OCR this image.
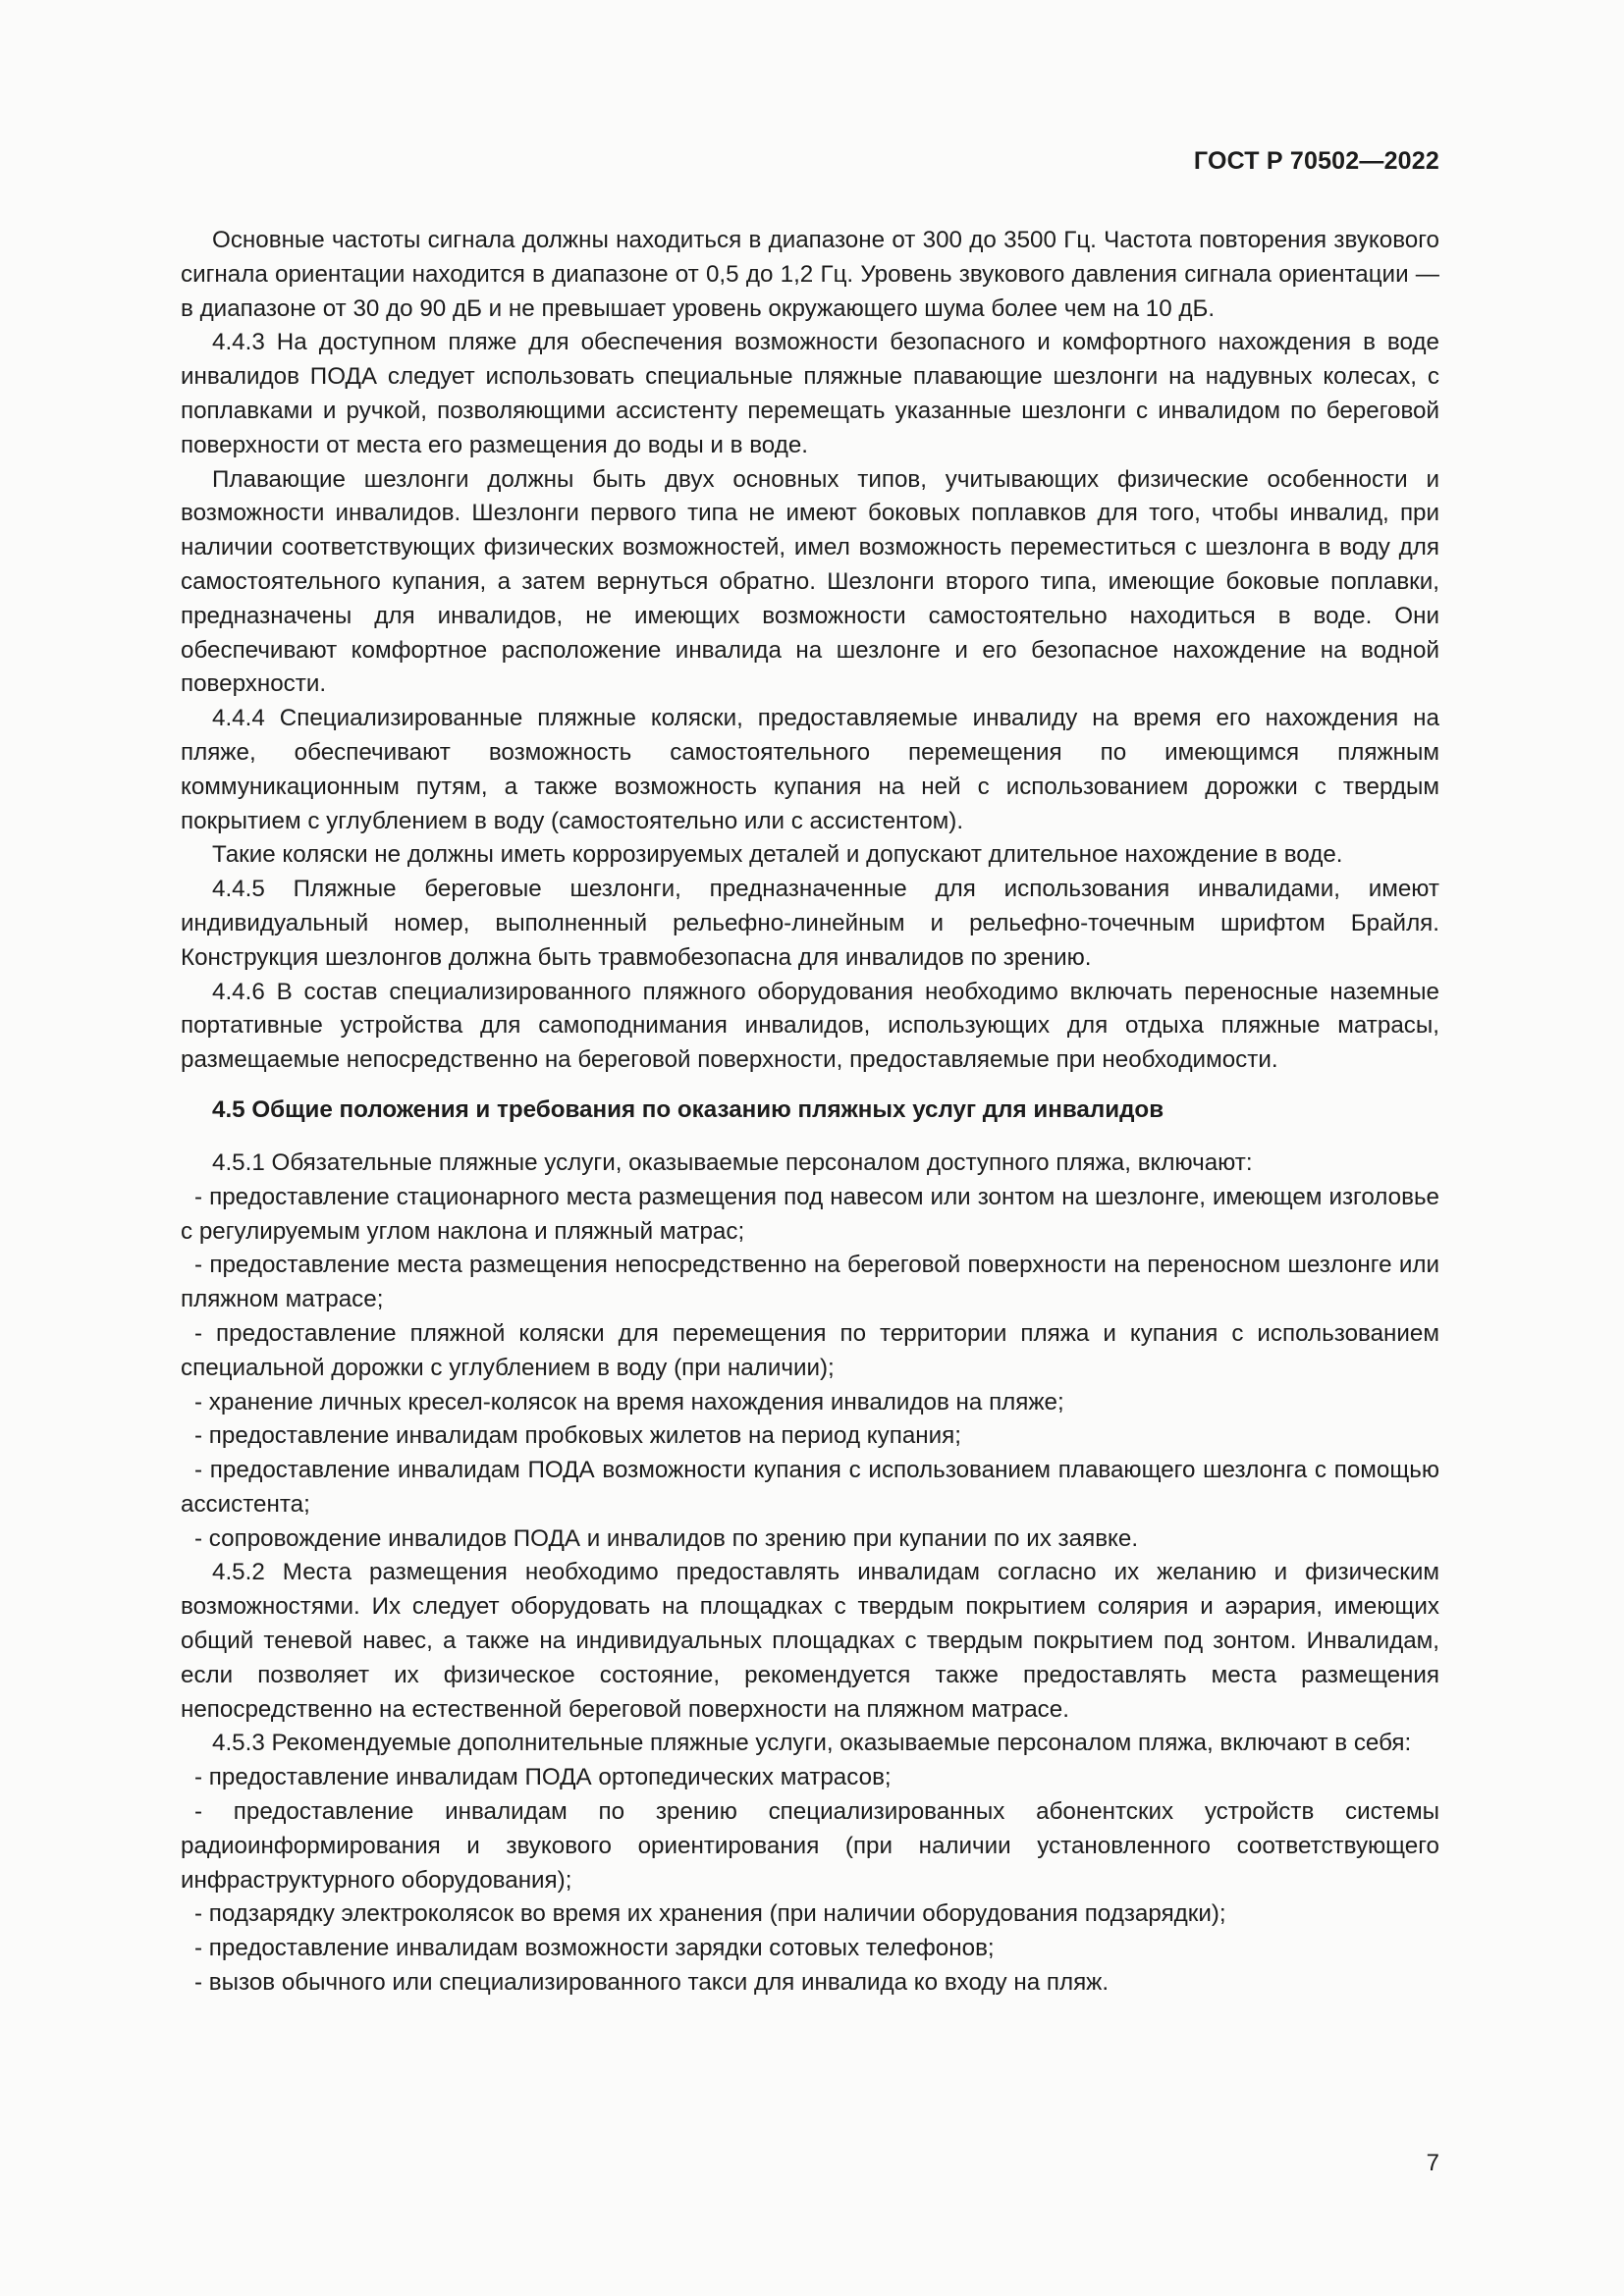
ГОСТ Р 70502—2022

Основные частоты сигнала должны находиться в диапазоне от 300 до 3500 Гц. Частота повторения звукового сигнала ориентации находится в диапазоне от 0,5 до 1,2 Гц. Уровень звукового давления сигнала ориентации — в диапазоне от 30 до 90 дБ и не превышает уровень окружающего шума более чем на 10 дБ.

4.4.3 На доступном пляже для обеспечения возможности безопасного и комфортного нахождения в воде инвалидов ПОДА следует использовать специальные пляжные плавающие шезлонги на надувных колесах, с поплавками и ручкой, позволяющими ассистенту перемещать указанные шезлонги с инвалидом по береговой поверхности от места его размещения до воды и в воде.

Плавающие шезлонги должны быть двух основных типов, учитывающих физические особенности и возможности инвалидов. Шезлонги первого типа не имеют боковых поплавков для того, чтобы инвалид, при наличии соответствующих физических возможностей, имел возможность переместиться с шезлонга в воду для самостоятельного купания, а затем вернуться обратно. Шезлонги второго типа, имеющие боковые поплавки, предназначены для инвалидов, не имеющих возможности самостоятельно находиться в воде. Они обеспечивают комфортное расположение инвалида на шезлонге и его безопасное нахождение на водной поверхности.

4.4.4 Специализированные пляжные коляски, предоставляемые инвалиду на время его нахождения на пляже, обеспечивают возможность самостоятельного перемещения по имеющимся пляжным коммуникационным путям, а также возможность купания на ней с использованием дорожки с твердым покрытием с углублением в воду (самостоятельно или с ассистентом).

Такие коляски не должны иметь коррозируемых деталей и допускают длительное нахождение в воде.

4.4.5 Пляжные береговые шезлонги, предназначенные для использования инвалидами, имеют индивидуальный номер, выполненный рельефно-линейным и рельефно-точечным шрифтом Брайля. Конструкция шезлонгов должна быть травмобезопасна для инвалидов по зрению.

4.4.6 В состав специализированного пляжного оборудования необходимо включать переносные наземные портативные устройства для самоподнимания инвалидов, использующих для отдыха пляжные матрасы, размещаемые непосредственно на береговой поверхности, предоставляемые при необходимости.

4.5 Общие положения и требования по оказанию пляжных услуг для инвалидов

4.5.1 Обязательные пляжные услуги, оказываемые персоналом доступного пляжа, включают:

- предоставление стационарного места размещения под навесом или зонтом на шезлонге, имеющем изголовье с регулируемым углом наклона и пляжный матрас;

- предоставление места размещения непосредственно на береговой поверхности на переносном шезлонге или пляжном матрасе;

- предоставление пляжной коляски для перемещения по территории пляжа и купания с использованием специальной дорожки с углублением в воду (при наличии);

- хранение личных кресел-колясок на время нахождения инвалидов на пляже;

- предоставление инвалидам пробковых жилетов на период купания;

- предоставление инвалидам ПОДА возможности купания с использованием плавающего шезлонга с помощью ассистента;

- сопровождение инвалидов ПОДА и инвалидов по зрению при купании по их заявке.

4.5.2 Места размещения необходимо предоставлять инвалидам согласно их желанию и физическим возможностями. Их следует оборудовать на площадках с твердым покрытием солярия и аэрария, имеющих общий теневой навес, а также на индивидуальных площадках с твердым покрытием под зонтом. Инвалидам, если позволяет их физическое состояние, рекомендуется также предоставлять места размещения непосредственно на естественной береговой поверхности на пляжном матрасе.

4.5.3 Рекомендуемые дополнительные пляжные услуги, оказываемые персоналом пляжа, включают в себя:

- предоставление инвалидам ПОДА ортопедических матрасов;

- предоставление инвалидам по зрению специализированных абонентских устройств системы радиоинформирования и звукового ориентирования (при наличии установленного соответствующего инфраструктурного оборудования);

- подзарядку электроколясок во время их хранения (при наличии оборудования подзарядки);

- предоставление инвалидам возможности зарядки сотовых телефонов;

- вызов обычного или специализированного такси для инвалида ко входу на пляж.

7
